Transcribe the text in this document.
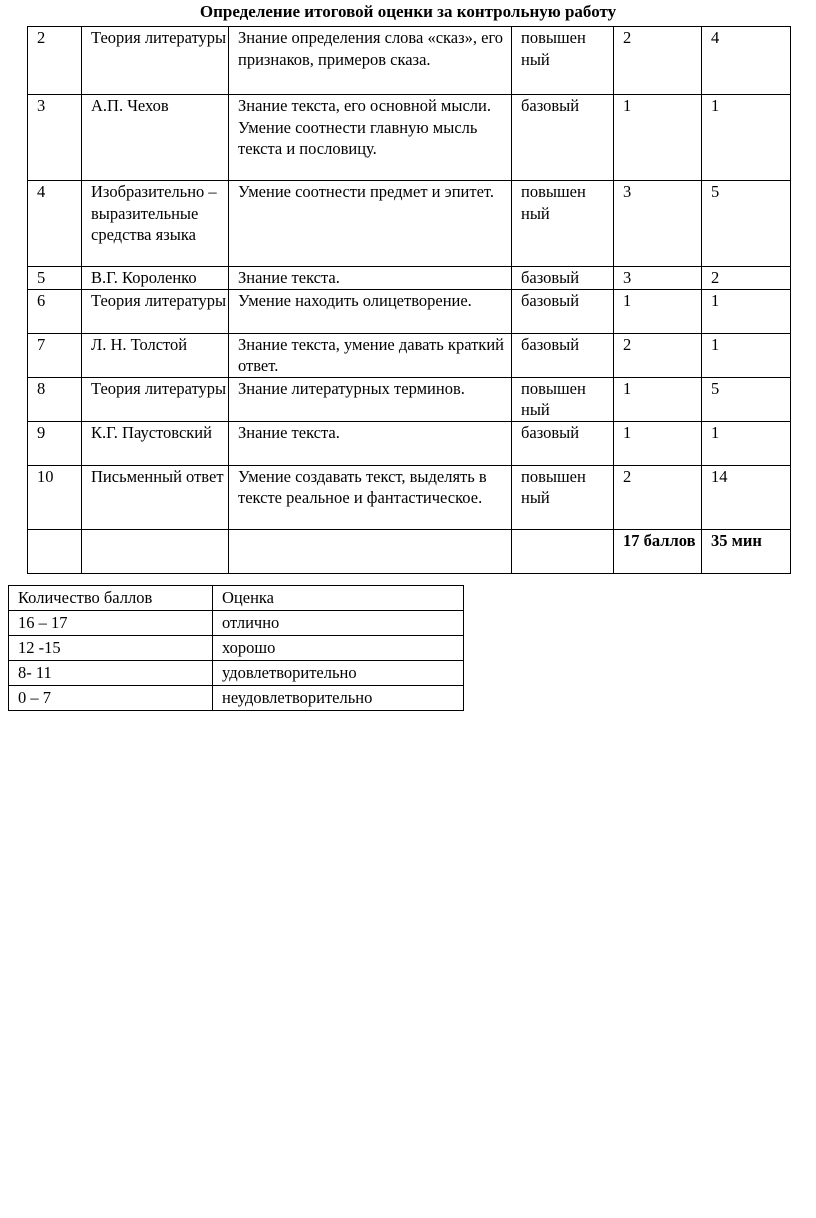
Определение итоговой оценки за контрольную работу
2	Теория литературы	Знание определения слова «сказ», его признаков, примеров сказа.	повышен ный	2	4
3	А.П. Чехов	Знание текста, его основной мысли. Умение соотнести главную мысль текста и пословицу.	базовый	1	1
4	Изобразительно – выразительные средства языка	Умение соотнести предмет и эпитет.	повышен ный	3	5
5	В.Г. Короленко	Знание текста.	базовый	3	2
6	Теория литературы	Умение находить олицетворение.	базовый	1	1
7	Л. Н. Толстой	Знание текста, умение давать краткий ответ.	базовый	2	1
8	Теория литературы	Знание литературных терминов.	повышен ный	1	5
9	К.Г. Паустовский	Знание текста.	базовый	1	1
10	Письменный ответ	Умение создавать текст, выделять в тексте реальное и фантастическое.	повышен ный	2	14
				17 баллов	35 мин
Количество баллов	Оценка
16 – 17	отлично
12 -15	хорошо
8- 11	удовлетворительно
0 – 7	неудовлетворительно
